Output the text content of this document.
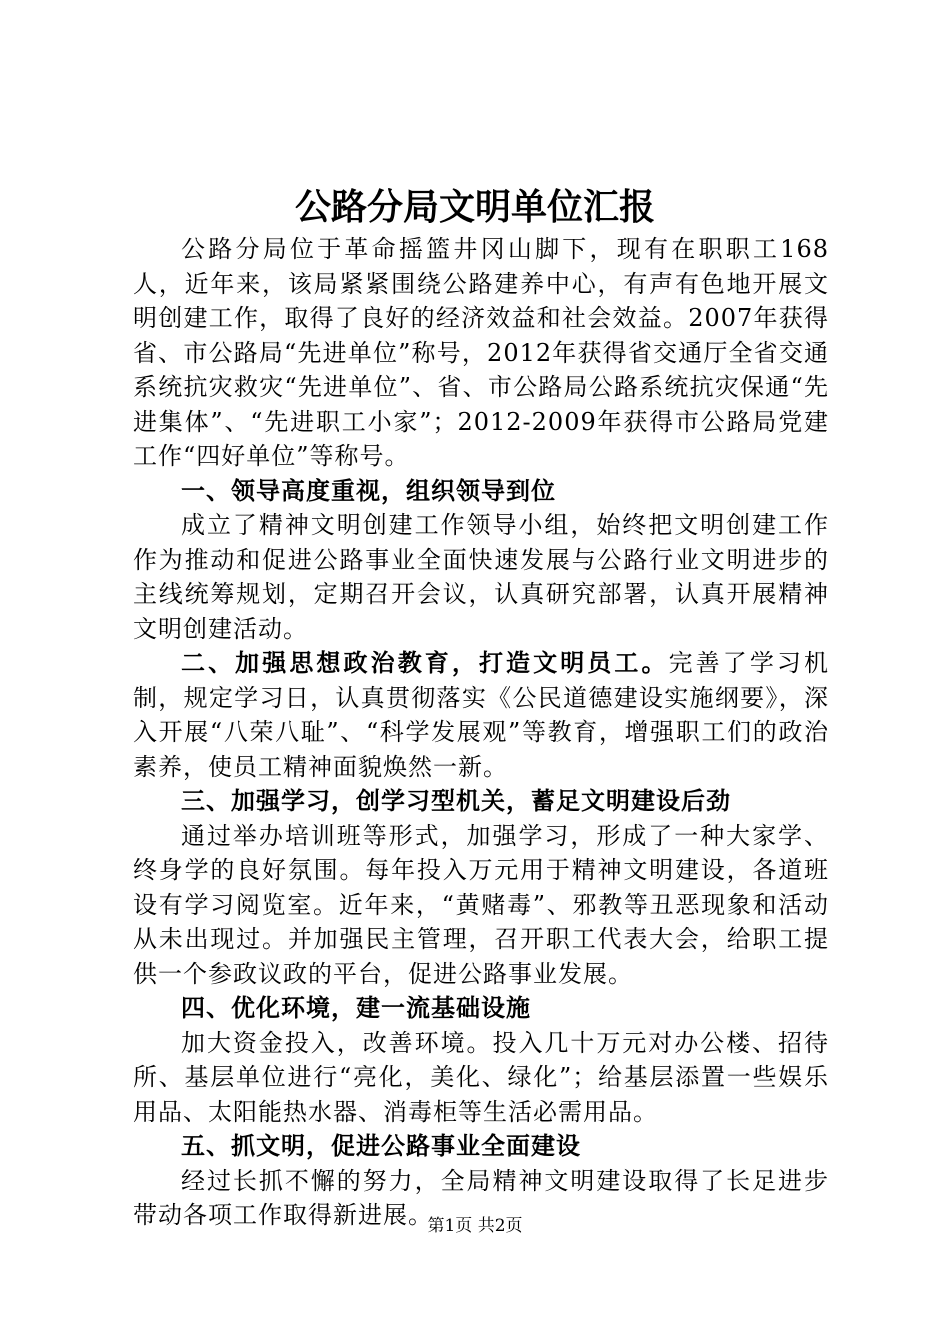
公路分局文明单位汇报

公路分局位于革命摇篮井冈山脚下，现有在职职工168人，近年来，该局紧紧围绕公路建养中心，有声有色地开展文明创建工作，取得了良好的经济效益和社会效益。2007年获得省、市公路局“先进单位”称号，2012年获得省交通厅全省交通系统抗灾救灾“先进单位”、省、市公路局公路系统抗灾保通“先进集体”、“先进职工小家”；2012-2009年获得市公路局党建工作“四好单位”等称号。

一、领导高度重视，组织领导到位

成立了精神文明创建工作领导小组，始终把文明创建工作作为推动和促进公路事业全面快速发展与公路行业文明进步的主线统筹规划，定期召开会议，认真研究部署，认真开展精神文明创建活动。

二、加强思想政治教育，打造文明员工。完善了学习机制，规定学习日，认真贯彻落实《公民道德建设实施纲要》，深入开展“八荣八耻”、“科学发展观”等教育，增强职工们的政治素养，使员工精神面貌焕然一新。

三、加强学习，创学习型机关，蓄足文明建设后劲

通过举办培训班等形式，加强学习，形成了一种大家学、终身学的良好氛围。每年投入万元用于精神文明建设，各道班设有学习阅览室。近年来，“黄赌毒”、邪教等丑恶现象和活动从未出现过。并加强民主管理，召开职工代表大会，给职工提供一个参政议政的平台，促进公路事业发展。

四、优化环境，建一流基础设施

加大资金投入，改善环境。投入几十万元对办公楼、招待所、基层单位进行“亮化，美化、绿化”；给基层添置一些娱乐用品、太阳能热水器、消毒柜等生活必需用品。

五、抓文明，促进公路事业全面建设

经过长抓不懈的努力，全局精神文明建设取得了长足进步带动各项工作取得新进展。

第1页 共2页
